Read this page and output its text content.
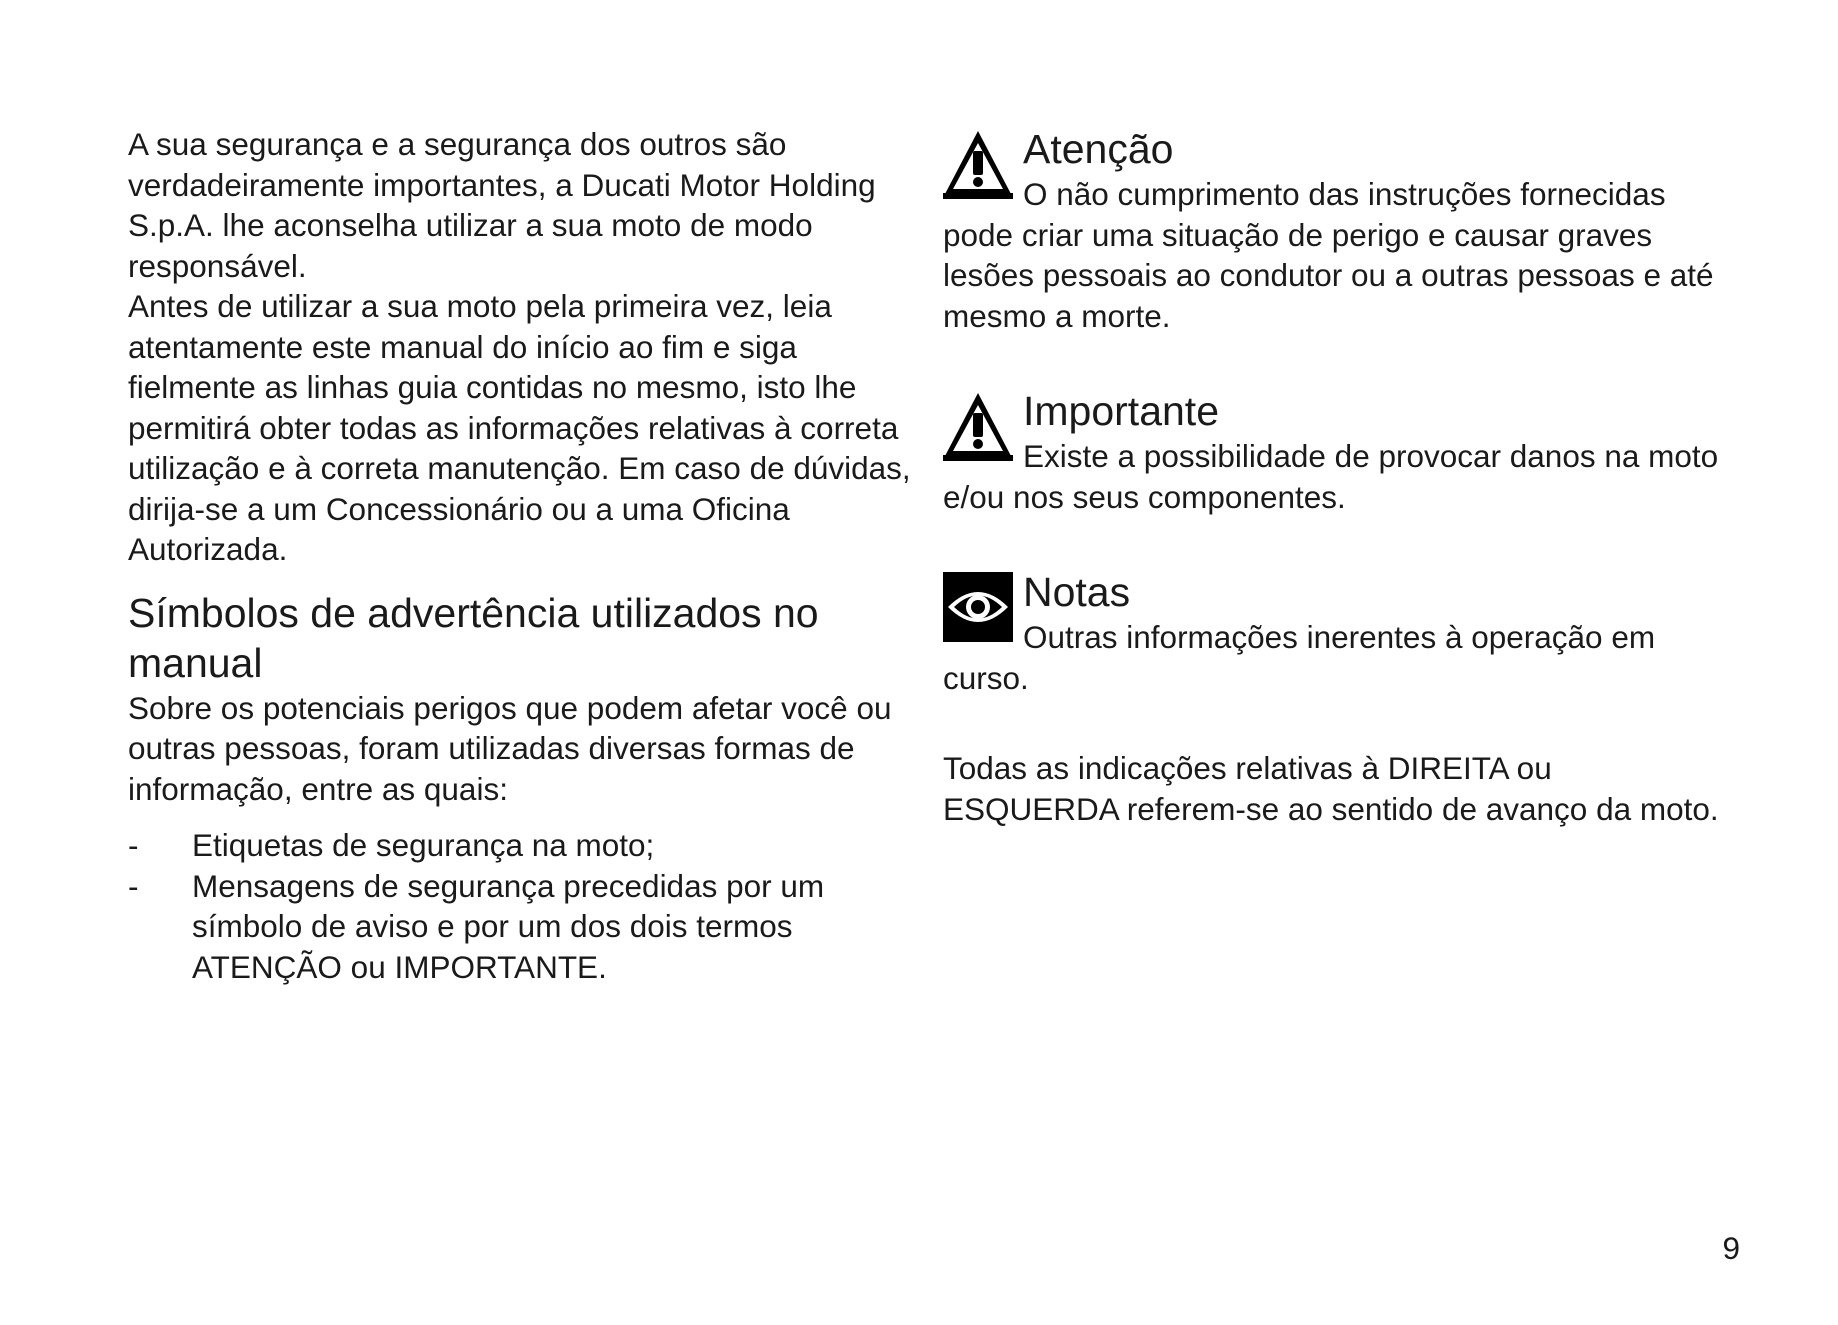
A sua segurança e a segurança dos outros são verdadeiramente importantes, a Ducati Motor Holding S.p.A. lhe aconselha utilizar a sua moto de modo responsável.

Antes de utilizar a sua moto pela primeira vez, leia atentamente este manual do início ao fim e siga fielmente as linhas guia contidas no mesmo, isto lhe permitirá obter todas as informações relativas à correta utilização e à correta manutenção. Em caso de dúvidas, dirija-se a um Concessionário ou a uma Oficina Autorizada.

Símbolos de advertência utilizados no manual

Sobre os potenciais perigos que podem afetar você ou outras pessoas, foram utilizadas diversas formas de informação, entre as quais:

- Etiquetas de segurança na moto;
- Mensagens de segurança precedidas por um símbolo de aviso e por um dos dois termos ATENÇÃO ou IMPORTANTE.
Atenção
O não cumprimento das instruções fornecidas pode criar uma situação de perigo e causar graves lesões pessoais ao condutor ou a outras pessoas e até mesmo a morte.
Importante
Existe a possibilidade de provocar danos na moto e/ou nos seus componentes.
Notas
Outras informações inerentes à operação em curso.

Todas as indicações relativas à DIREITA ou ESQUERDA referem-se ao sentido de avanço da moto.

9
